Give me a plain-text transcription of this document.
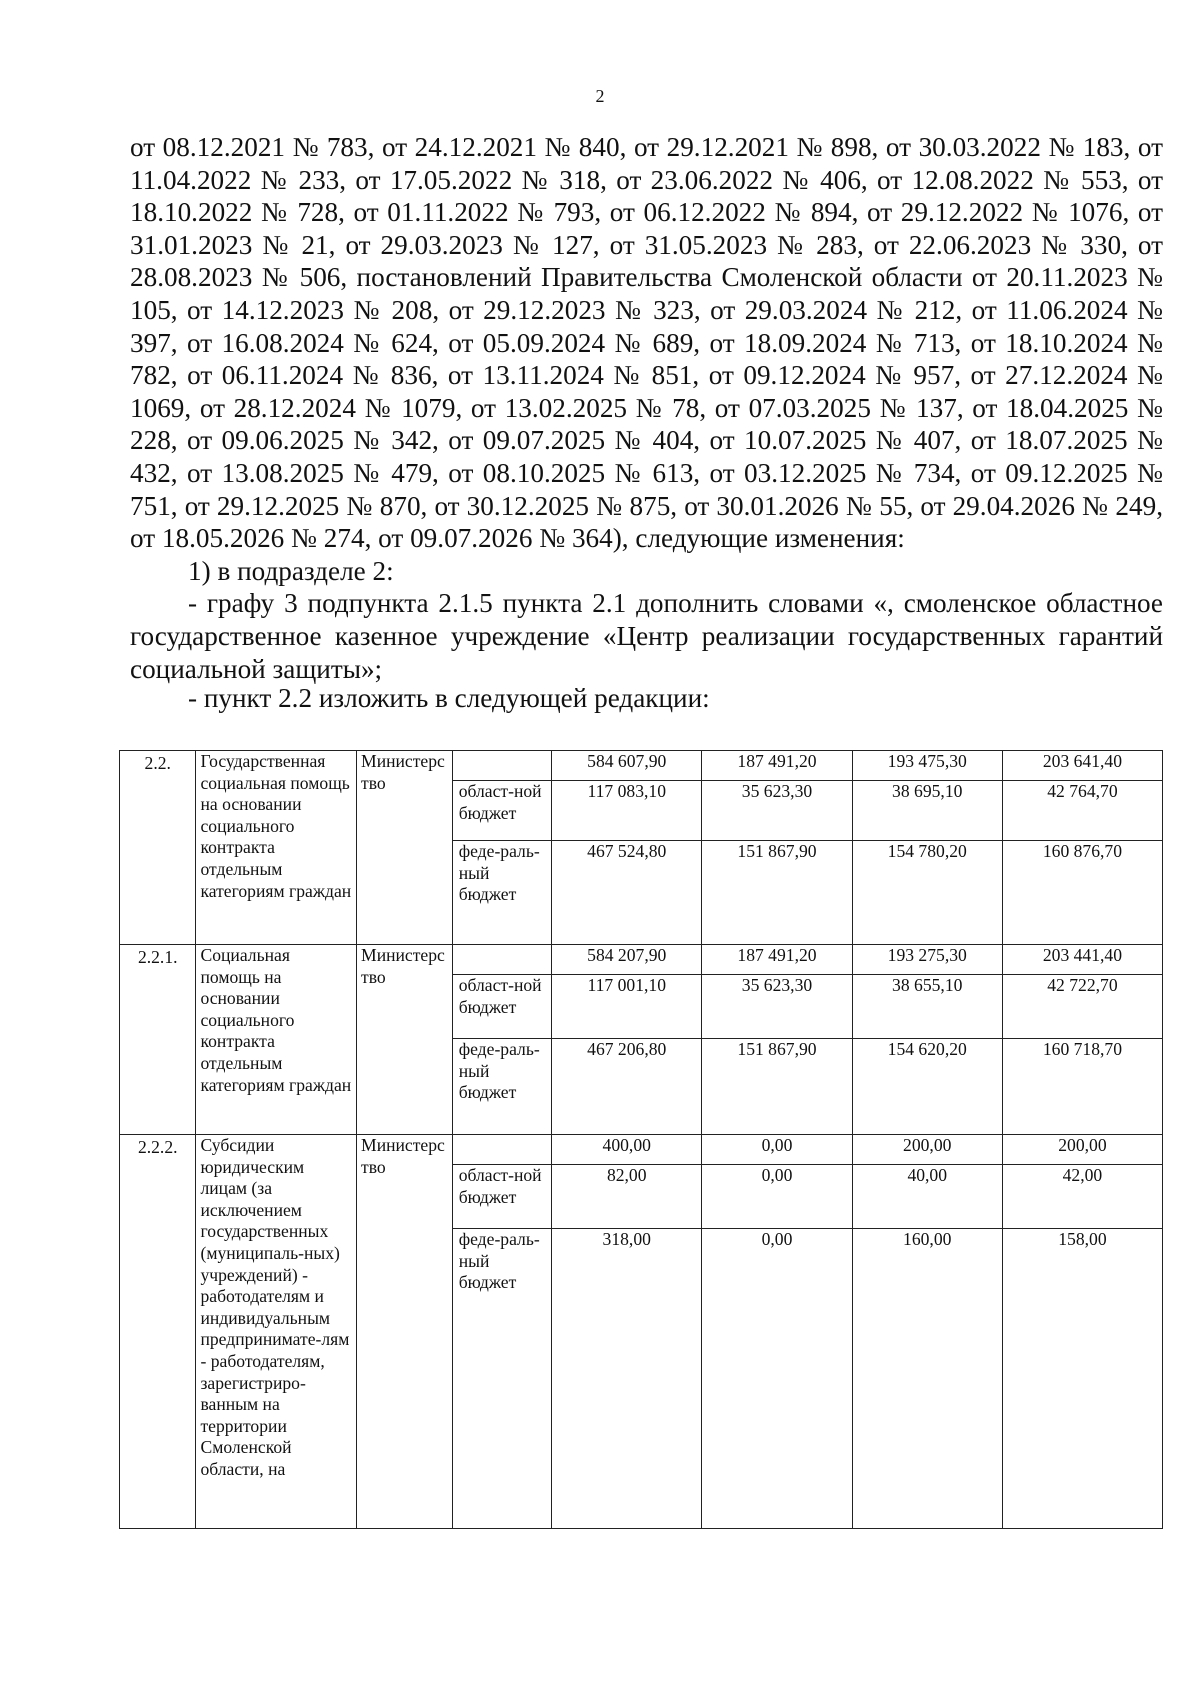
2

от 08.12.2021 № 783, от 24.12.2021 № 840, от 29.12.2021 № 898, от 30.03.2022 № 183, от 11.04.2022 № 233, от 17.05.2022 № 318, от 23.06.2022 № 406, от 12.08.2022 № 553, от 18.10.2022 № 728, от 01.11.2022 № 793, от 06.12.2022 № 894, от 29.12.2022 № 1076, от 31.01.2023 № 21, от 29.03.2023 № 127, от 31.05.2023 № 283, от 22.06.2023 № 330, от 28.08.2023 № 506, постановлений Правительства Смоленской области от 20.11.2023 № 105, от 14.12.2023 № 208, от 29.12.2023 № 323, от 29.03.2024 № 212, от 11.06.2024 № 397, от 16.08.2024 № 624, от 05.09.2024 № 689, от 18.09.2024 № 713, от 18.10.2024 № 782, от 06.11.2024 № 836, от 13.11.2024 № 851, от 09.12.2024 № 957, от 27.12.2024 № 1069, от 28.12.2024 № 1079, от 13.02.2025 № 78, от 07.03.2025 № 137, от 18.04.2025 № 228, от 09.06.2025 № 342, от 09.07.2025 № 404, от 10.07.2025 № 407, от 18.07.2025 № 432, от 13.08.2025 № 479, от 08.10.2025 № 613, от 03.12.2025 № 734, от 09.12.2025 № 751, от 29.12.2025 № 870, от 30.12.2025 № 875, от 30.01.2026 № 55, от 29.04.2026 № 249, от 18.05.2026 № 274, от 09.07.2026 № 364), следующие изменения:

1) в подразделе 2:

- графу 3 подпункта 2.1.5 пункта 2.1 дополнить словами «, смоленское областное государственное казенное учреждение «Центр реализации государственных гарантий социальной защиты»;

- пункт 2.2 изложить в следующей редакции:

2.2.	Государственная социальная помощь на основании социального контракта отдельным категориям граждан	Министерство		584 607,90	187 491,20	193 475,30	203 641,40
			област-ной бюджет	117 083,10	35 623,30	38 695,10	42 764,70
			феде-раль-ный бюджет	467 524,80	151 867,90	154 780,20	160 876,70
2.2.1.	Социальная помощь на основании социального контракта отдельным категориям граждан	Министерство		584 207,90	187 491,20	193 275,30	203 441,40
			област-ной бюджет	117 001,10	35 623,30	38 655,10	42 722,70
			феде-раль-ный бюджет	467 206,80	151 867,90	154 620,20	160 718,70
2.2.2.	Субсидии юридическим лицам (за исключением государственных (муниципаль-ных) учреждений) - работодателям и индивидуальным предпринимате-лям - работодателям, зарегистриро-ванным на территории Смоленской области, на	Министерство		400,00	0,00	200,00	200,00
			област-ной бюджет	82,00	0,00	40,00	42,00
			феде-раль-ный бюджет	318,00	0,00	160,00	158,00
